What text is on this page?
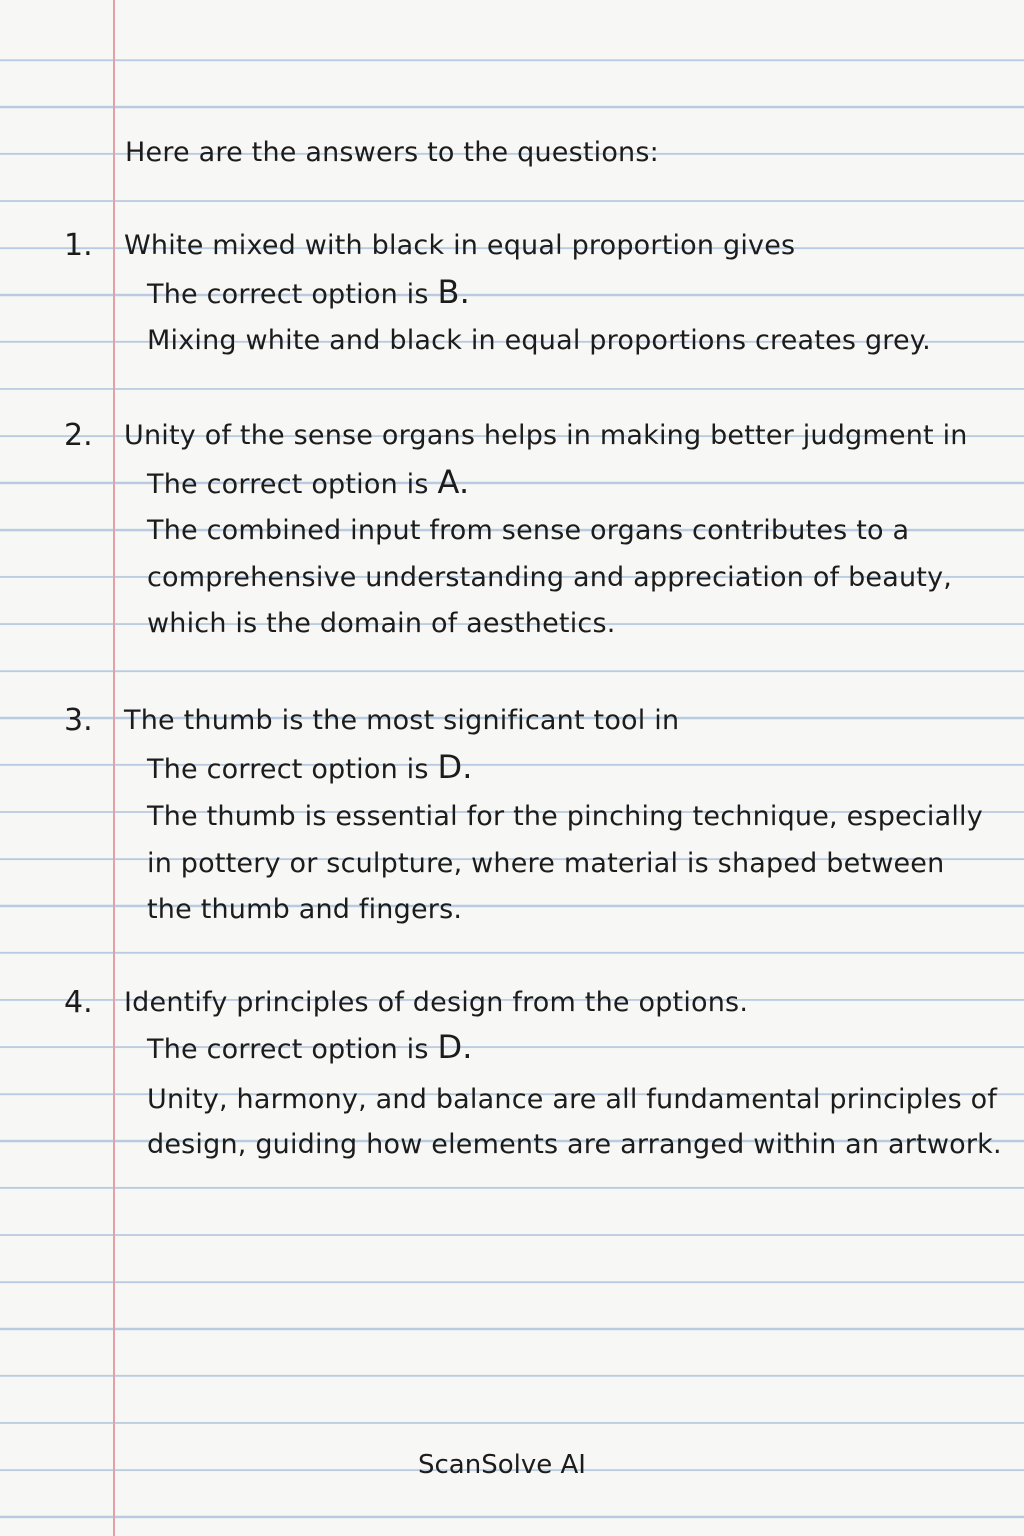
Here are the answers to the questions:
1. White mixed with black in equal proportion gives
The correct option is B.
Mixing white and black in equal proportions creates grey.
2. Unity of the sense organs helps in making better judgment in
The correct option is A.
The combined input from sense organs contributes to a
comprehensive understanding and appreciation of beauty,
which is the domain of aesthetics.
3. The thumb is the most significant tool in
The correct option is D.
The thumb is essential for the pinching technique, especially
in pottery or sculpture, where material is shaped between
the thumb and fingers.
4. Identify principles of design from the options.
The correct option is D.
Unity, harmony, and balance are all fundamental principles of
design, guiding how elements are arranged within an artwork.
ScanSolve AI
